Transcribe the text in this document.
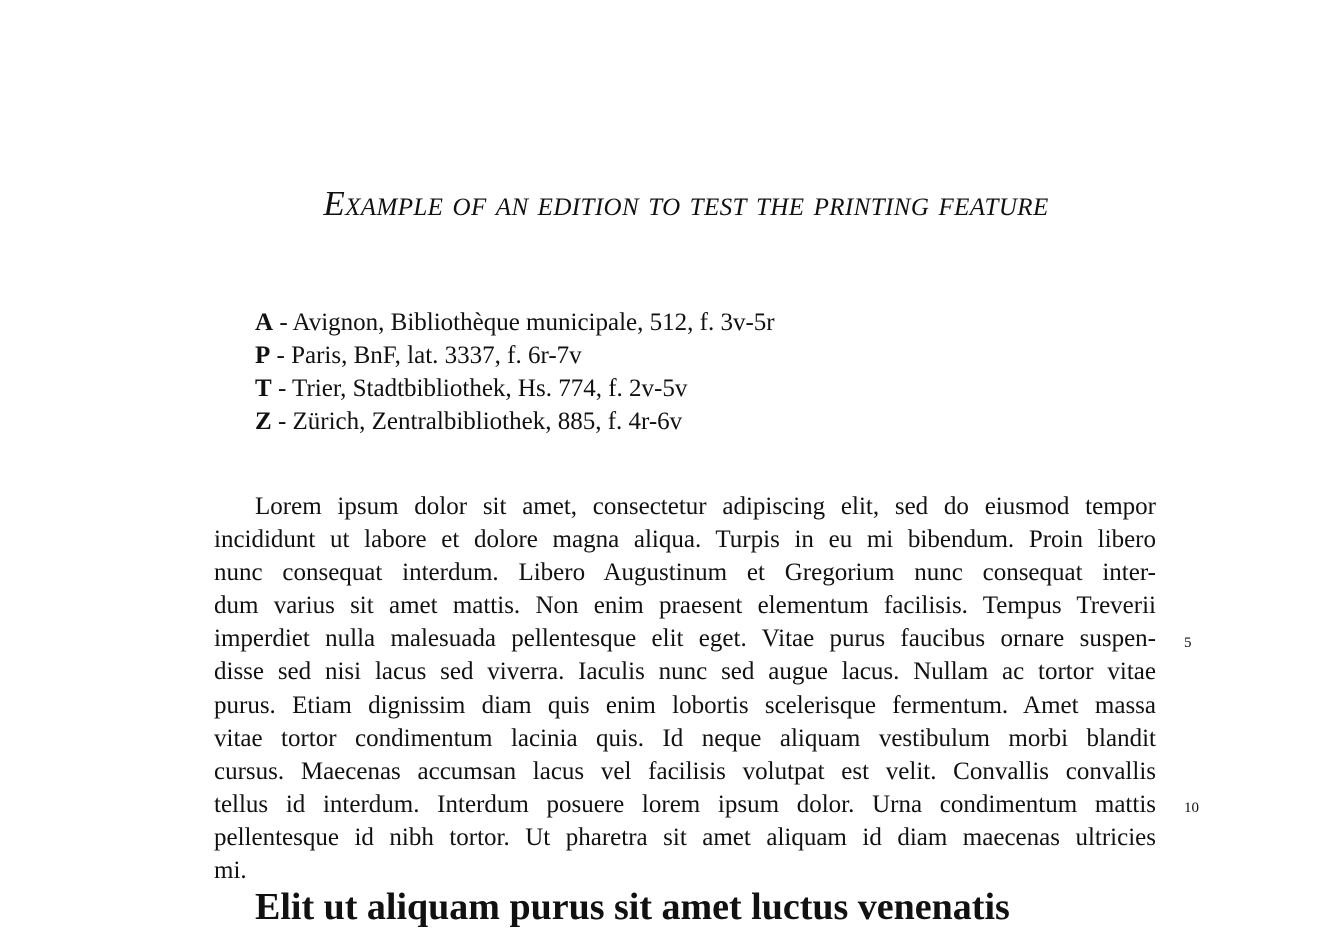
Example of an edition to test the printing feature
A - Avignon, Bibliothèque municipale, 512, f. 3v-5r
P - Paris, BnF, lat. 3337, f. 6r-7v
T - Trier, Stadtbibliothek, Hs. 774, f. 2v-5v
Z - Zürich, Zentralbibliothek, 885, f. 4r-6v
Lorem ipsum dolor sit amet, consectetur adipiscing elit, sed do eiusmod tempor
incididunt ut labore et dolore magna aliqua. Turpis in eu mi bibendum. Proin libero
nunc consequat interdum. Libero Augustinum et Gregorium nunc consequat inter-
dum varius sit amet mattis. Non enim praesent elementum facilisis. Tempus Treverii
imperdiet nulla malesuada pellentesque elit eget. Vitae purus faucibus ornare suspen-
disse sed nisi lacus sed viverra. Iaculis nunc sed augue lacus. Nullam ac tortor vitae
purus. Etiam dignissim diam quis enim lobortis scelerisque fermentum. Amet massa
vitae tortor condimentum lacinia quis. Id neque aliquam vestibulum morbi blandit
cursus. Maecenas accumsan lacus vel facilisis volutpat est velit. Convallis convallis
tellus id interdum. Interdum posuere lorem ipsum dolor. Urna condimentum mattis
pellentesque id nibh tortor. Ut pharetra sit amet aliquam id diam maecenas ultricies
mi.
5
10
Elit ut aliquam purus sit amet luctus venenatis
